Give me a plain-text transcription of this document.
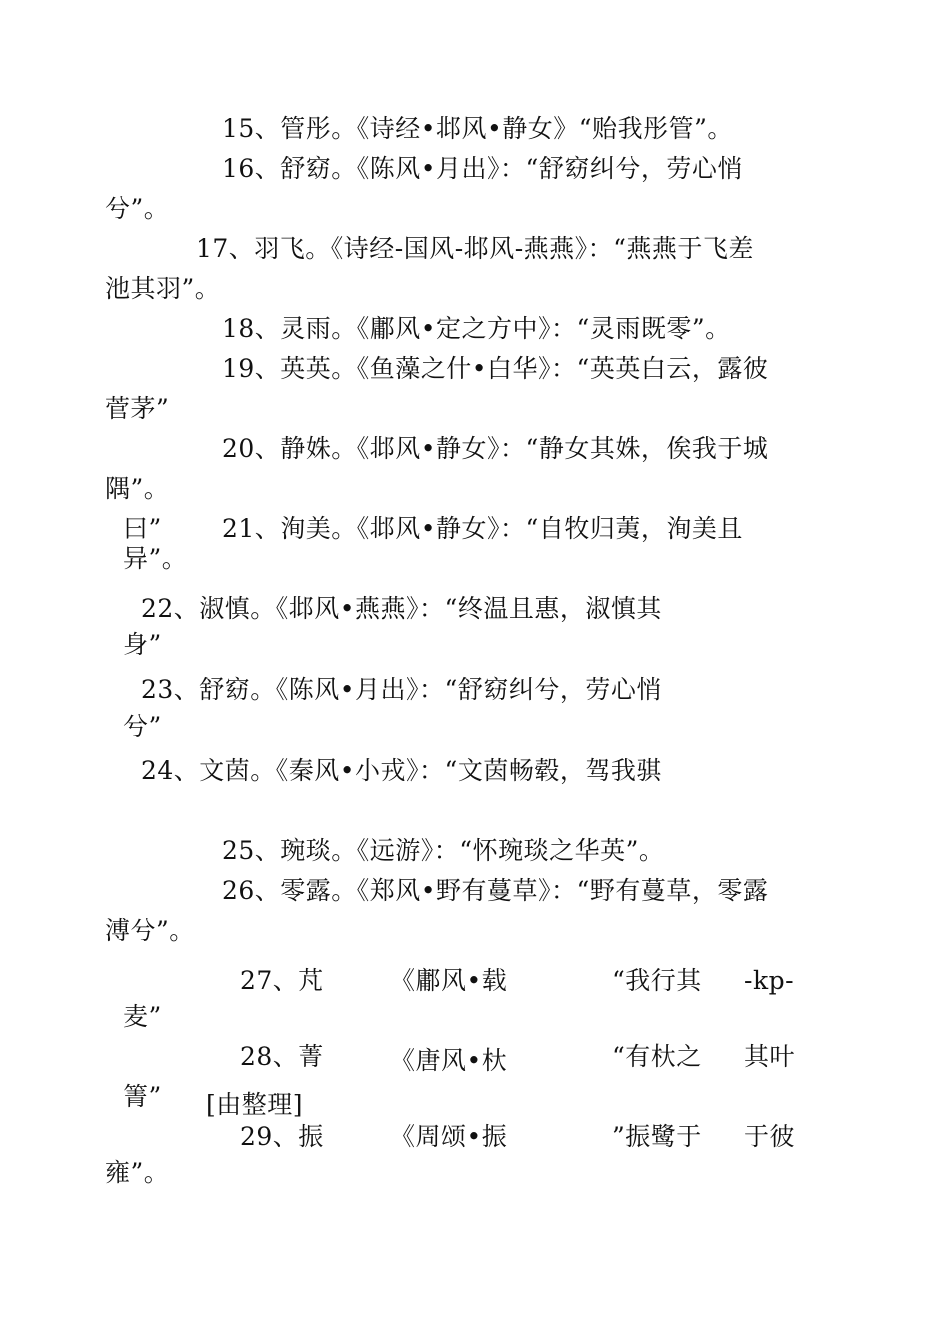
15、管彤。《诗经•邶风•静女》“贻我彤管”。
16、舒窈。《陈风•月出》：“舒窈纠兮，劳心悄
兮”。
17、羽飞。《诗经-国风-邶风-燕燕》：“燕燕于飞差
池其羽”。
18、灵雨。《鄘风•定之方中》：“灵雨既零”。
19、英英。《鱼藻之什•白华》：“英英白云，露彼
菅茅”
20、静姝。《邶风•静女》：“静女其姝，俟我于城
隅”。
曰” 21、洵美。《邶风•静女》：“自牧归荑，洵美且
异”。
22、淑慎。《邶风•燕燕》：“终温且惠，淑慎其
身”
23、舒窈。《陈风•月出》：“舒窈纠兮，劳心悄
兮”
24、文茵。《秦风•小戎》：“文茵畅毂，驾我骐
25、琬琰。《远游》：“怀琬琰之华英”。
26、零露。《郑风•野有蔓草》：“野有蔓草，零露
溥兮”。
27、芃	《鄘风•载	“我行其 -kp-
麦”
28、菁	《唐风•杕	“有杕之 其叶
箐” [由整理]
29、振	《周颂•振	”振鹭于 于彼
雍”。
